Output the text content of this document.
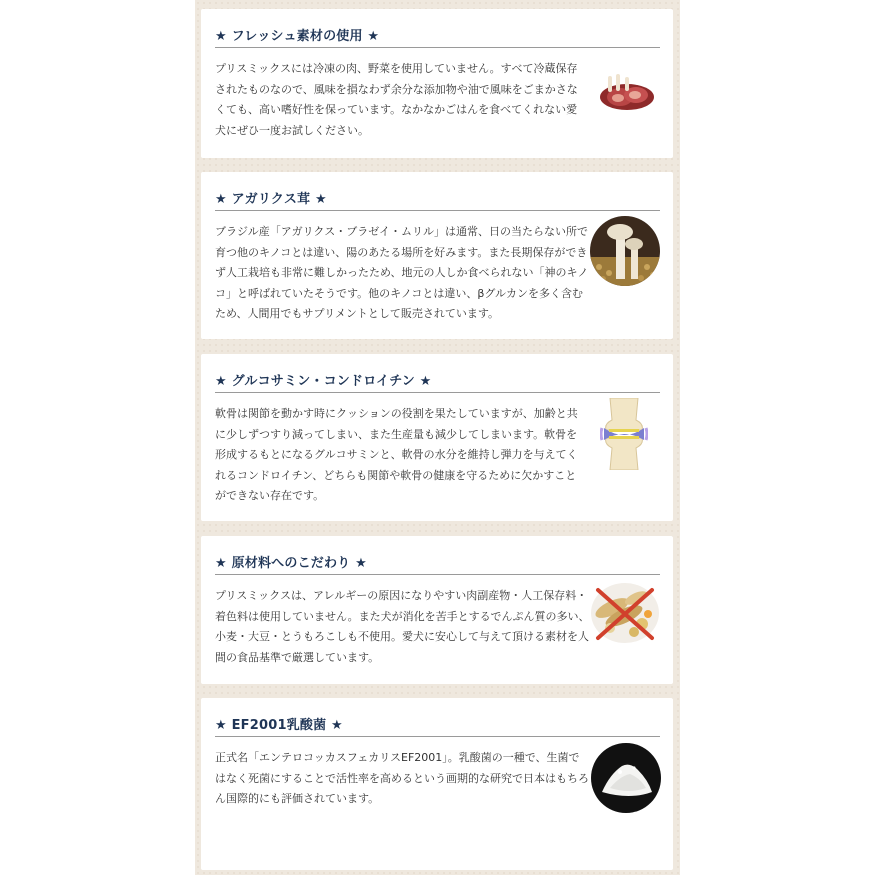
★ フレッシュ素材の使用 ★
プリスミックスには冷凍の肉、野菜を使用していません。すべて冷蔵保存されたものなので、風味を損なわず余分な添加物や油で風味をごまかさなくても、高い嗜好性を保っています。なかなかごはんを食べてくれない愛犬にぜひ一度お試しください。
★ アガリクス茸 ★
ブラジル産「アガリクス・ブラゼイ・ムリル」は通常、日の当たらない所で育つ他のキノコとは違い、陽のあたる場所を好みます。また長期保存ができず人工栽培も非常に難しかったため、地元の人しか食べられない「神のキノコ」と呼ばれていたそうです。他のキノコとは違い、βグルカンを多く含むため、人間用でもサプリメントとして販売されています。
★ グルコサミン・コンドロイチン ★
軟骨は関節を動かす時にクッションの役割を果たしていますが、加齢と共に少しずつすり減ってしまい、また生産量も減少してしまいます。軟骨を形成するもとになるグルコサミンと、軟骨の水分を維持し弾力を与えてくれるコンドロイチン、どちらも関節や軟骨の健康を守るために欠かすことができない存在です。
★ 原材料へのこだわり ★
プリスミックスは、アレルギーの原因になりやすい肉副産物・人工保存料・着色料は使用していません。また犬が消化を苦手とするでんぷん質の多い、小麦・大豆・とうもろこしも不使用。愛犬に安心して与えて頂ける素材を人間の食品基準で厳選しています。
★ EF2001乳酸菌 ★
正式名「エンテロコッカスフェカリスEF2001」。乳酸菌の一種で、生菌ではなく死菌にすることで活性率を高めるという画期的な研究で日本はもちろん国際的にも評価されています。
